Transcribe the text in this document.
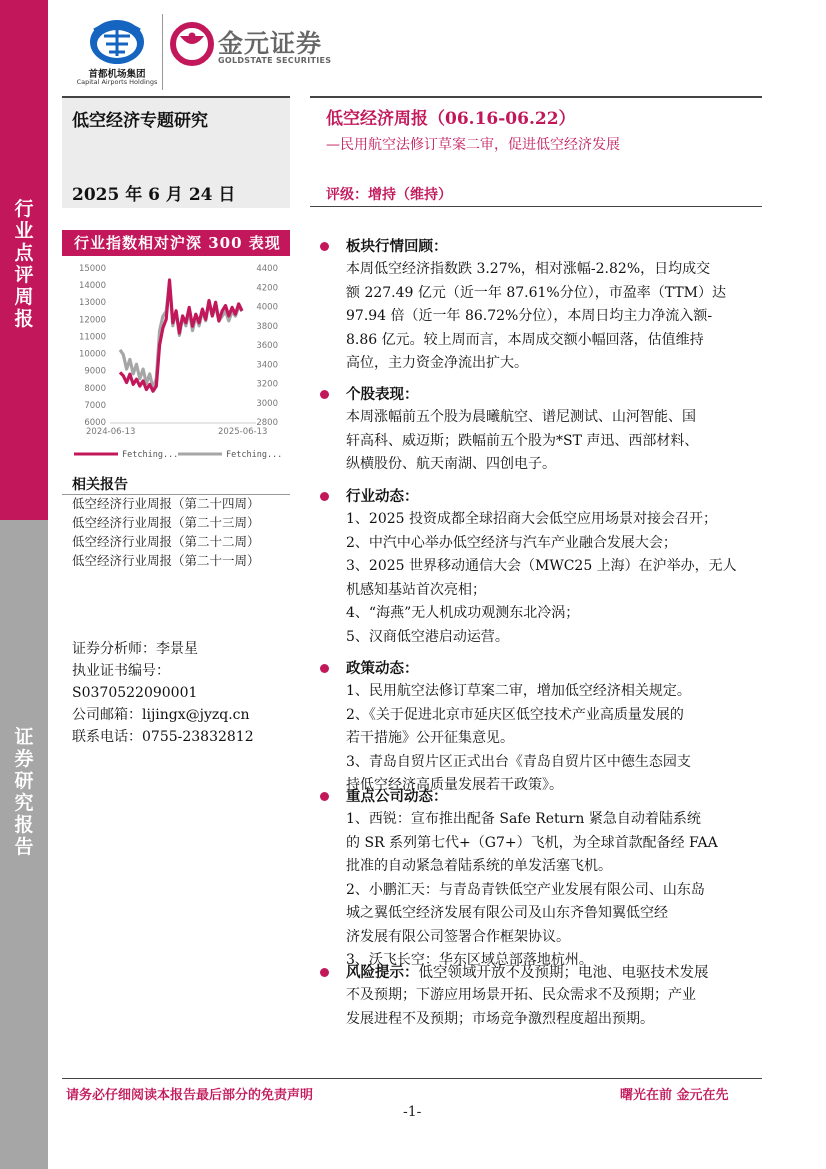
行
业
点
评
周
报
证
券
研
究
报
告
首都机场集团
Capital Airports Holdings
金元证券
GOLDSTATE SECURITIES
低空经济专题研究
2025 年 6 月 24 日
低空经济周报（06.16-06.22）
—民用航空法修订草案二审，促进低空经济发展
评级：增持（维持）
行业指数相对沪深 300 表现
15000
14000
13000
12000
11000
10000
9000
8000
7000
6000
4400
4200
4000
3800
3600
3400
3200
3000
2800
2024-06-13	2025-06-13
Fetching...	Fetching...
相关报告
低空经济行业周报（第二十四周）
低空经济行业周报（第二十三周）
低空经济行业周报（第二十二周）
低空经济行业周报（第二十一周）
证券分析师：李景星
执业证书编号：
S0370522090001
公司邮箱：lijingx@jyzq.cn
联系电话：0755-23832812
板块行情回顾：
本周低空经济指数跌 3.27%，相对涨幅-2.82%，日均成交
额 227.49 亿元（近一年 87.61%分位），市盈率（TTM）达
97.94 倍（近一年 86.72%分位），本周日均主力净流入额-
8.86 亿元。较上周而言，本周成交额小幅回落，估值维持
高位，主力资金净流出扩大。
个股表现：
本周涨幅前五个股为晨曦航空、谱尼测试、山河智能、国
轩高科、威迈斯；跌幅前五个股为*ST 声迅、西部材料、
纵横股份、航天南湖、四创电子。
行业动态：
1、2025 投资成都全球招商大会低空应用场景对接会召开；
2、中汽中心举办低空经济与汽车产业融合发展大会；
3、2025 世界移动通信大会（MWC25 上海）在沪举办，无人
机感知基站首次亮相；
4、“海燕”无人机成功观测东北冷涡；
5、汉商低空港启动运营。
政策动态：
1、民用航空法修订草案二审，增加低空经济相关规定。
2、《关于促进北京市延庆区低空技术产业高质量发展的
若干措施》公开征集意见。
3、青岛自贸片区正式出台《青岛自贸片区中德生态园支
持低空经济高质量发展若干政策》。
重点公司动态：
1、西锐：宣布推出配备 Safe Return 紧急自动着陆系统
的 SR 系列第七代+（G7+）飞机，为全球首款配备经 FAA
批准的自动紧急着陆系统的单发活塞飞机。
2、小鹏汇天：与青岛青铁低空产业发展有限公司、山东岛
城之翼低空经济发展有限公司及山东齐鲁知翼低空经
济发展有限公司签署合作框架协议。
3、沃飞长空：华东区域总部落地杭州。
风险提示：低空领域开放不及预期；电池、电驱技术发展
不及预期；下游应用场景开拓、民众需求不及预期；产业
发展进程不及预期；市场竞争激烈程度超出预期。
请务必仔细阅读本报告最后部分的免责声明	曙光在前 金元在先
-1-
